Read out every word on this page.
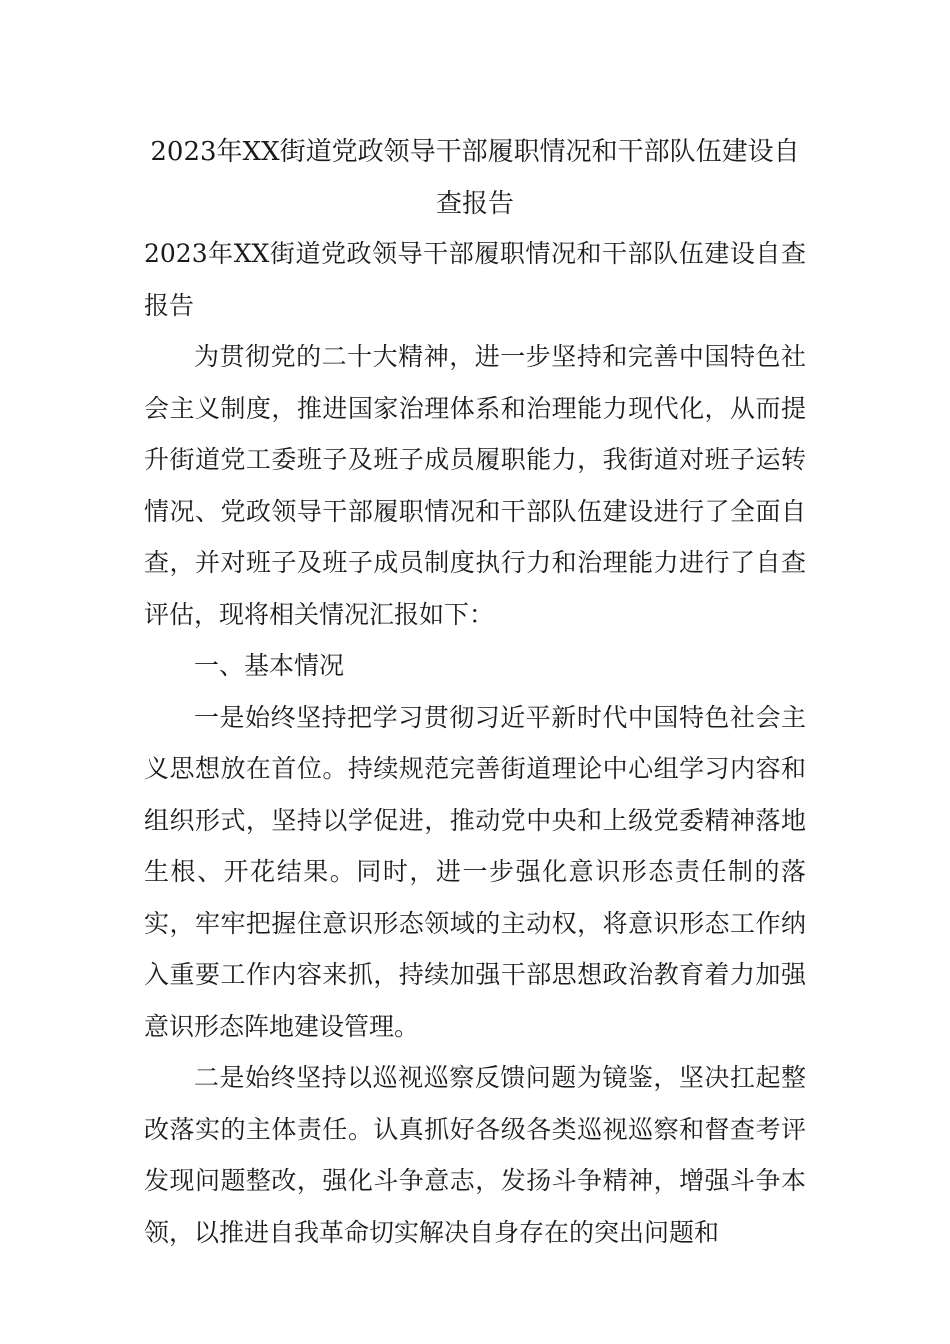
2023年XX街道党政领导干部履职情况和干部队伍建设自
查报告

2023年XX街道党政领导干部履职情况和干部队伍建设自查报告

为贯彻党的二十大精神，进一步坚持和完善中国特色社会主义制度，推进国家治理体系和治理能力现代化，从而提升街道党工委班子及班子成员履职能力，我街道对班子运转情况、党政领导干部履职情况和干部队伍建设进行了全面自查，并对班子及班子成员制度执行力和治理能力进行了自查评估，现将相关情况汇报如下：

一、基本情况

一是始终坚持把学习贯彻习近平新时代中国特色社会主义思想放在首位。持续规范完善街道理论中心组学习内容和组织形式，坚持以学促进，推动党中央和上级党委精神落地生根、开花结果。同时，进一步强化意识形态责任制的落实，牢牢把握住意识形态领域的主动权，将意识形态工作纳入重要工作内容来抓，持续加强干部思想政治教育着力加强意识形态阵地建设管理。

二是始终坚持以巡视巡察反馈问题为镜鉴，坚决扛起整改落实的主体责任。认真抓好各级各类巡视巡察和督查考评发现问题整改，强化斗争意志，发扬斗争精神，增强斗争本领，以推进自我革命切实解决自身存在的突出问题和
